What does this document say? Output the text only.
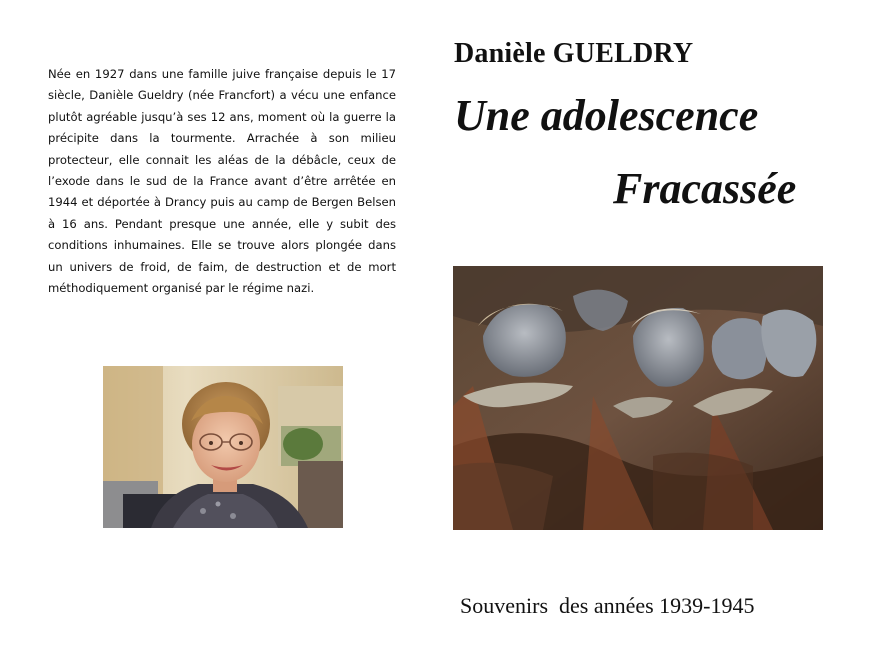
Née en 1927 dans une famille juive française depuis le 17 siècle, Danièle Gueldry (née Francfort) a vécu une enfance plutôt agréable jusqu’à ses 12 ans, moment où la guerre la précipite dans la tourmente. Arrachée à son milieu protecteur, elle connait les aléas de la débâcle, ceux de l’exode dans le sud de la France avant d’être arrêtée en 1944 et déportée à Drancy puis au camp de Bergen Belsen à 16 ans. Pendant presque une année, elle y subit des conditions inhumaines. Elle se trouve alors plongée dans un univers de froid, de faim, de destruction et de mort méthodiquement organisé par le régime nazi.

Danièle GUELDRY
Une adolescence
Fracassée

Souvenirs  des années 1939-1945
